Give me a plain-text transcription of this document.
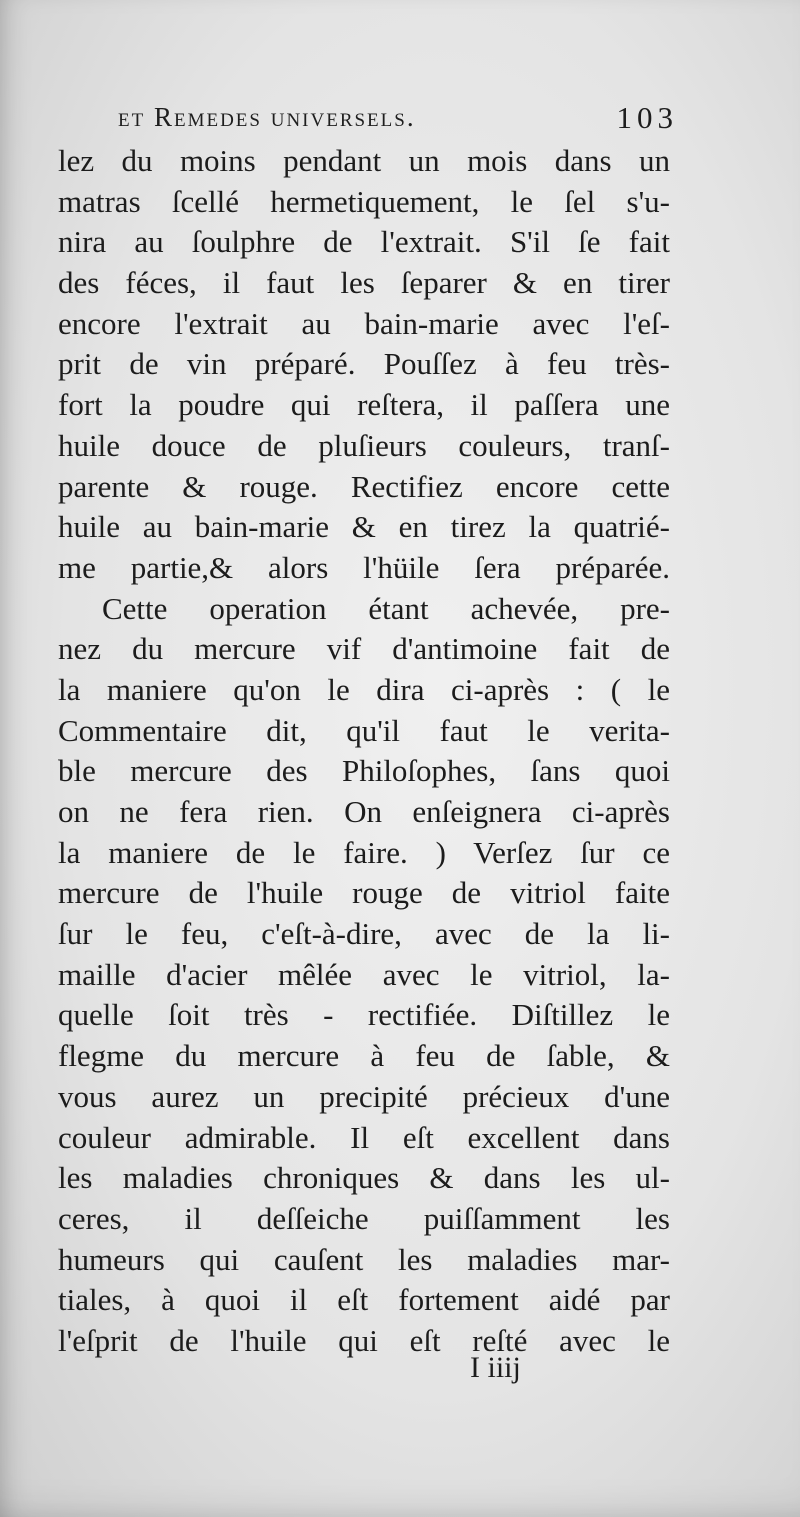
et Remedes universels.	103
lez du moins pendant un mois dans un
matras ſcellé hermetiquement, le ſel s'u-
nira au ſoulphre de l'extrait. S'il ſe fait
des féces, il faut les ſeparer & en tirer
encore l'extrait au bain-marie avec l'eſ-
prit de vin préparé. Pouſſez à feu très-
fort la poudre qui reſtera, il paſſera une
huile douce de pluſieurs couleurs, tranſ-
parente & rouge. Rectifiez encore cette
huile au bain-marie & en tirez la quatrié-
me partie,& alors l'hüile ſera préparée.
Cette operation étant achevée, pre-
nez du mercure vif d'antimoine fait de
la maniere qu'on le dira ci-après : ( le
Commentaire dit, qu'il faut le verita-
ble mercure des Philoſophes, ſans quoi
on ne fera rien. On enſeignera ci-après
la maniere de le faire. ) Verſez ſur ce
mercure de l'huile rouge de vitriol faite
ſur le feu, c'eſt-à-dire, avec de la li-
maille d'acier mêlée avec le vitriol, la-
quelle ſoit très - rectifiée. Diſtillez le
flegme du mercure à feu de ſable, &
vous aurez un precipité précieux d'une
couleur admirable. Il eſt excellent dans
les maladies chroniques & dans les ul-
ceres, il deſſeiche puiſſamment les
humeurs qui cauſent les maladies mar-
tiales, à quoi il eſt fortement aidé par
l'eſprit de l'huile qui eſt reſté avec le
I iiij
